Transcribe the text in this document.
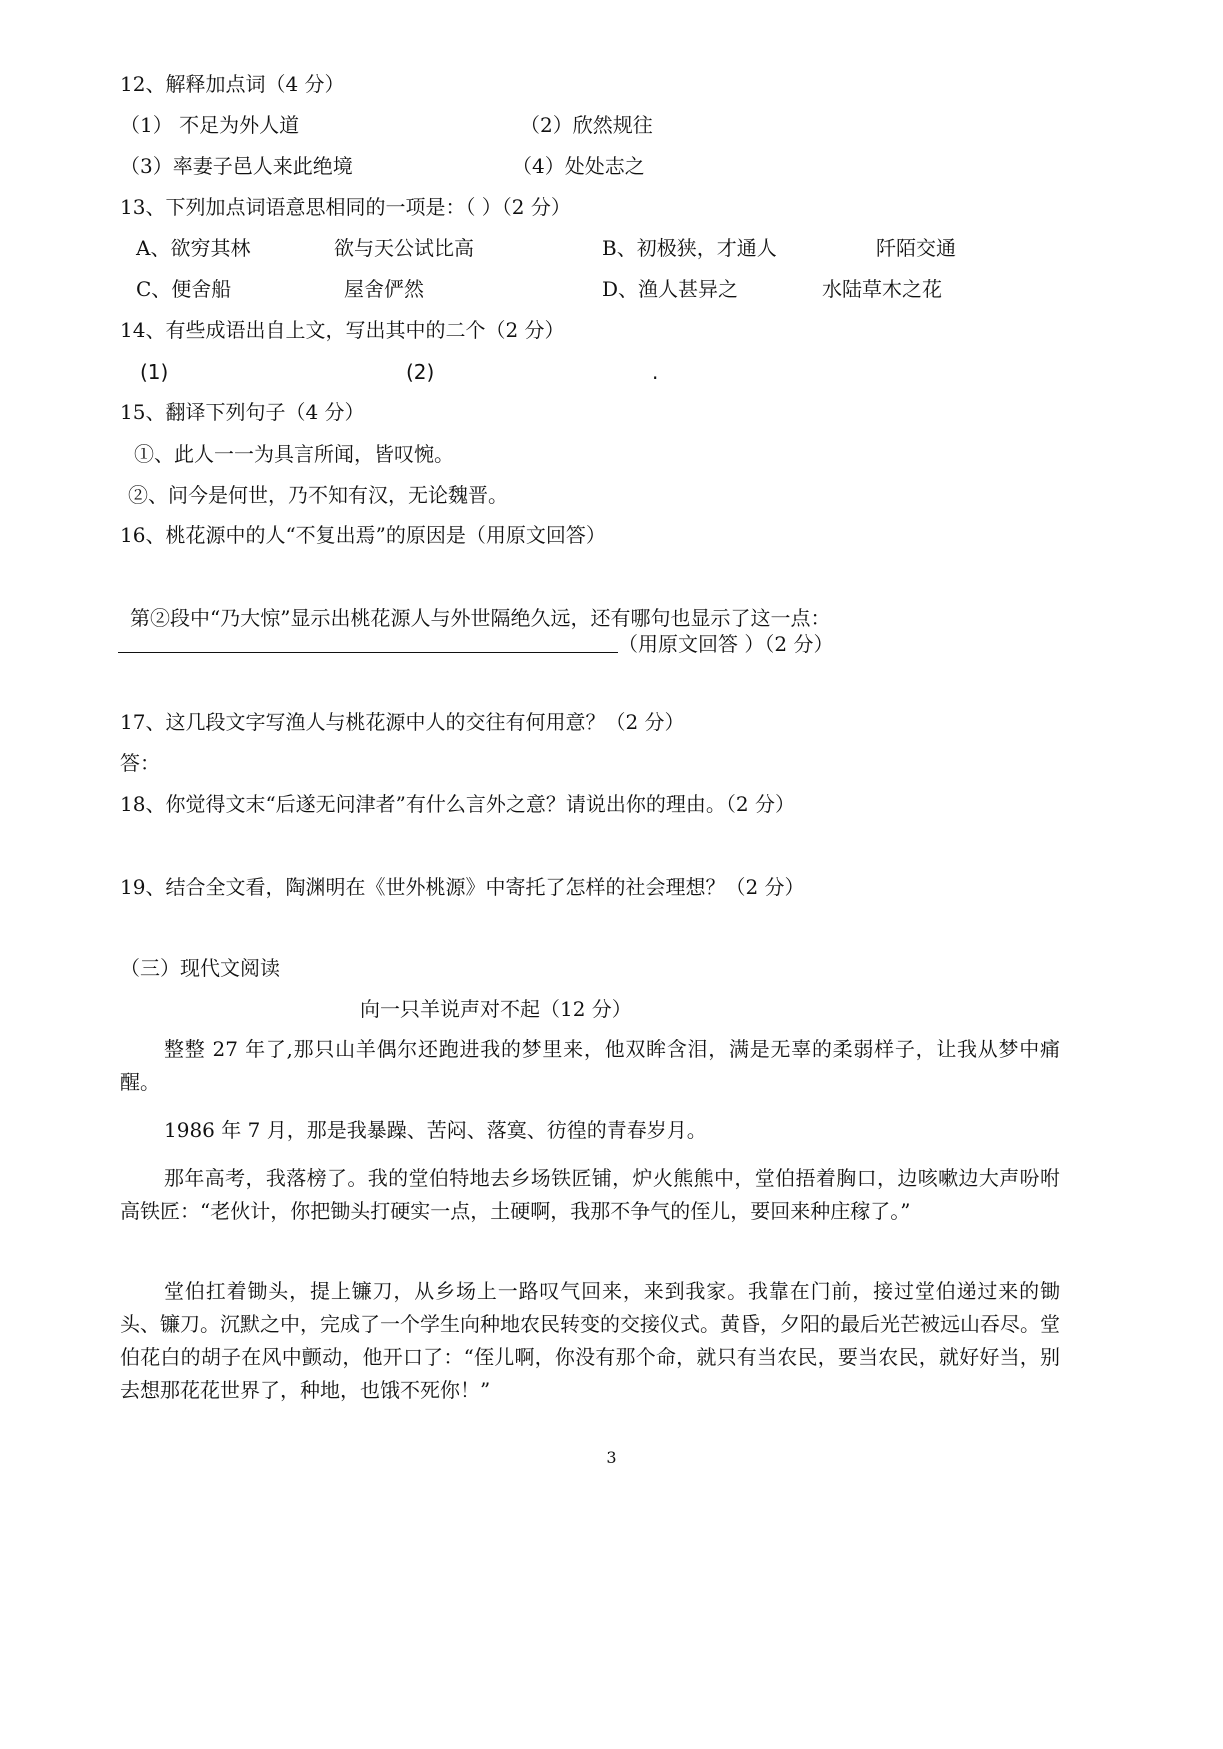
12、解释加点词（4 分）
（1） 不足为外人道	（2）欣然规往
（3）率妻子邑人来此绝境	（4）处处志之
13、下列加点词语意思相同的一项是：（ ）（2 分）
A、欲穷其林	欲与天公试比高	B、初极狭，才通人	阡陌交通
C、便舍船	屋舍俨然	D、渔人甚异之	水陆草木之花
14、有些成语出自上文，写出其中的二个（2 分）
(1)	(2)	.
15、翻译下列句子（4 分）
①、此人一一为具言所闻，皆叹惋。
②、问今是何世，乃不知有汉，无论魏晋。
16、桃花源中的人“不复出焉”的原因是（用原文回答）
第②段中“乃大惊”显示出桃花源人与外世隔绝久远，还有哪句也显示了这一点：
（用原文回答 ）（2 分）
17、这几段文字写渔人与桃花源中人的交往有何用意？（2 分）
答：
18、你觉得文末“后遂无问津者”有什么言外之意？请说出你的理由。（2 分）
19、结合全文看，陶渊明在《世外桃源》中寄托了怎样的社会理想？（2 分）
（三）现代文阅读
向一只羊说声对不起（12 分）
整整 27 年了,那只山羊偶尔还跑进我的梦里来，他双眸含泪，满是无辜的柔弱样子，让我从梦中痛醒。
1986 年 7 月，那是我暴躁、苦闷、落寞、彷徨的青春岁月。
那年高考，我落榜了。我的堂伯特地去乡场铁匠铺，炉火熊熊中，堂伯捂着胸口，边咳嗽边大声吩咐高铁匠：“老伙计，你把锄头打硬实一点，土硬啊，我那不争气的侄儿，要回来种庄稼了。”
堂伯扛着锄头，提上镰刀，从乡场上一路叹气回来，来到我家。我靠在门前，接过堂伯递过来的锄头、镰刀。沉默之中，完成了一个学生向种地农民转变的交接仪式。黄昏，夕阳的最后光芒被远山吞尽。堂伯花白的胡子在风中颤动，他开口了：“侄儿啊，你没有那个命，就只有当农民，要当农民，就好好当，别去想那花花世界了，种地，也饿不死你！”
3
